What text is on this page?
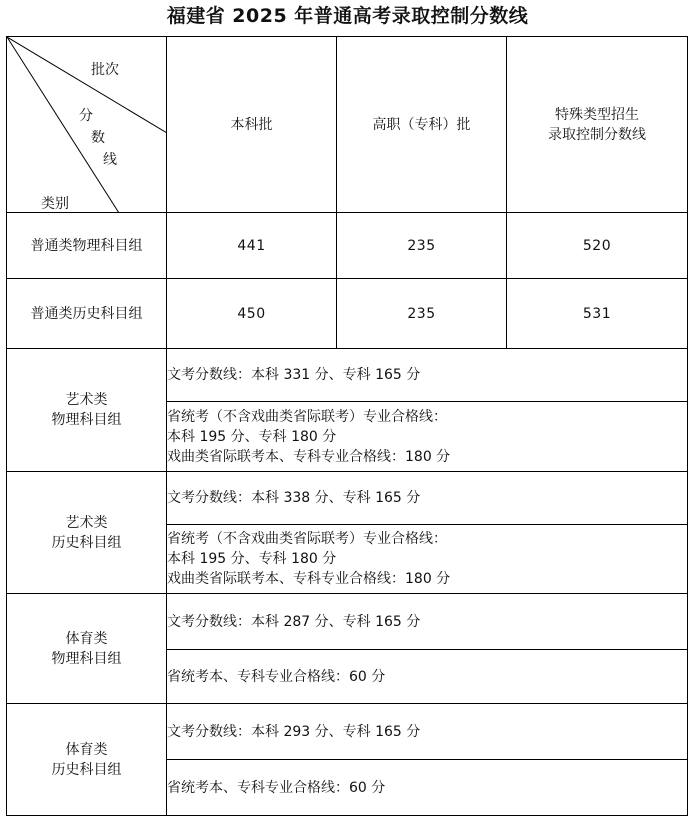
福建省 2025 年普通高考录取控制分数线
批次
分
数
线
类别	本科批	高职（专科）批	特殊类型招生
录取控制分数线

普通类物理科目组	441	235	520
普通类历史科目组	450	235	531

艺术类
物理科目组	文考分数线：本科 331 分、专科 165 分		

	省统考（不含戏曲类省际联考）专业合格线：
本科 195 分、专科 180 分
戏曲类省际联考本、专科专业合格线：180 分		

艺术类
历史科目组	文考分数线：本科 338 分、专科 165 分		

	省统考（不含戏曲类省际联考）专业合格线：
本科 195 分、专科 180 分
戏曲类省际联考本、专科专业合格线：180 分		

体育类
物理科目组	文考分数线：本科 287 分、专科 165 分		
	省统考本、专科专业合格线：60 分		

体育类
历史科目组	文考分数线：本科 293 分、专科 165 分		
	省统考本、专科专业合格线：60 分		
